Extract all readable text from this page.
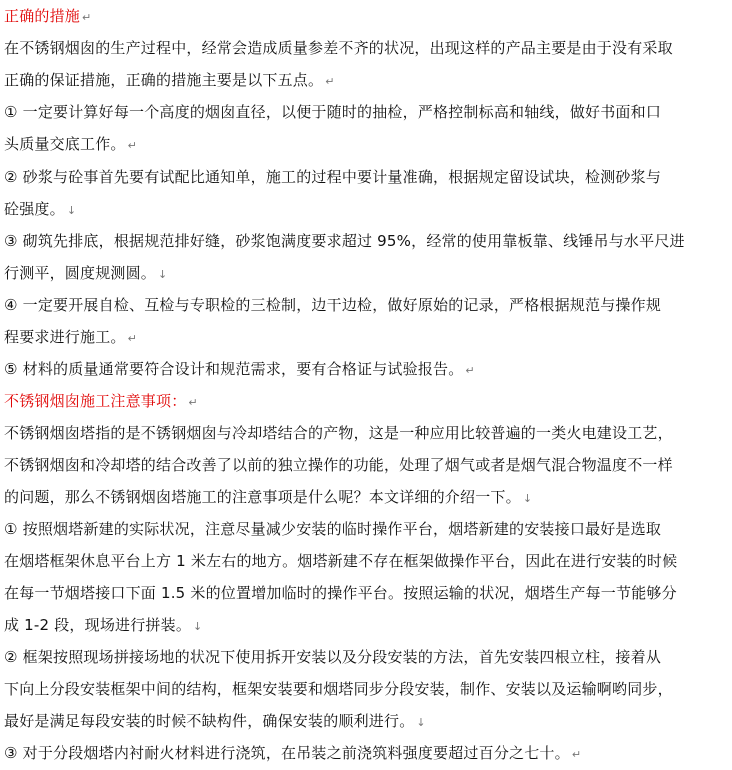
正确的措施 ↵
在不锈钢烟囱的生产过程中，经常会造成质量参差不齐的状况，出现这样的产品主要是由于没有采取
正确的保证措施，正确的措施主要是以下五点。 ↵
① 一定要计算好每一个高度的烟囱直径，以便于随时的抽检，严格控制标高和轴线，做好书面和口
头质量交底工作。 ↵
② 砂浆与砼事首先要有试配比通知单，施工的过程中要计量准确，根据规定留设试块，检测砂浆与
砼强度。 ↓
③ 砌筑先排底，根据规范排好缝，砂浆饱满度要求超过 95%，经常的使用靠板靠、线锤吊与水平尺进
行测平，圆度规测圆。 ↓
④ 一定要开展自检、互检与专职检的三检制，边干边检，做好原始的记录，严格根据规范与操作规
程要求进行施工。 ↵
⑤ 材料的质量通常要符合设计和规范需求，要有合格证与试验报告。 ↵
不锈钢烟囱施工注意事项： ↵
不锈钢烟囱塔指的是不锈钢烟囱与冷却塔结合的产物，这是一种应用比较普遍的一类火电建设工艺，
不锈钢烟囱和冷却塔的结合改善了以前的独立操作的功能，处理了烟气或者是烟气混合物温度不一样
的问题，那么不锈钢烟囱塔施工的注意事项是什么呢？本文详细的介绍一下。 ↓
① 按照烟塔新建的实际状况，注意尽量减少安装的临时操作平台，烟塔新建的安装接口最好是选取
在烟塔框架休息平台上方 1 米左右的地方。烟塔新建不存在框架做操作平台，因此在进行安装的时候
在每一节烟塔接口下面 1.5 米的位置增加临时的操作平台。按照运输的状况，烟塔生产每一节能够分
成 1-2 段，现场进行拼装。 ↓
② 框架按照现场拼接场地的状况下使用拆开安装以及分段安装的方法，首先安装四根立柱，接着从
下向上分段安装框架中间的结构，框架安装要和烟塔同步分段安装，制作、安装以及运输啊哟同步，
最好是满足每段安装的时候不缺构件，确保安装的顺利进行。 ↓
③ 对于分段烟塔内衬耐火材料进行浇筑，在吊装之前浇筑料强度要超过百分之七十。 ↵
